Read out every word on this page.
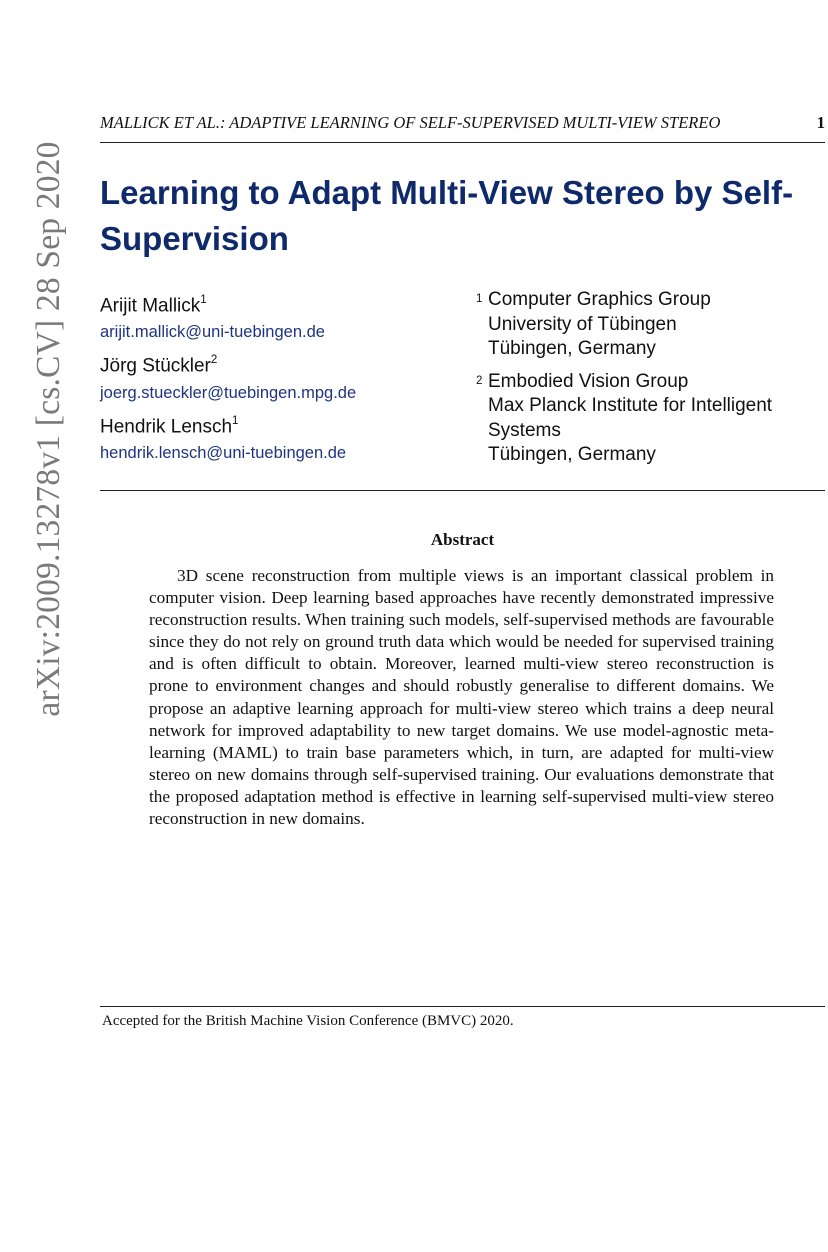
arXiv:2009.13278v1 [cs.CV] 28 Sep 2020
MALLICK ET AL.: ADAPTIVE LEARNING OF SELF-SUPERVISED MULTI-VIEW STEREO	1
Learning to Adapt Multi-View Stereo by Self-Supervision
Arijit Mallick$^1$
arijit.mallick@uni-tuebingen.de
Jörg Stückler$^2$
joerg.stueckler@tuebingen.mpg.de
Hendrik Lensch$^1$
hendrik.lensch@uni-tuebingen.de
$^1$ Computer Graphics Group
University of Tübingen
Tübingen, Germany
$^2$ Embodied Vision Group
Max Planck Institute for Intelligent
Systems
Tübingen, Germany
Abstract

3D scene reconstruction from multiple views is an important classical problem in computer vision. Deep learning based approaches have recently demonstrated impressive reconstruction results. When training such models, self-supervised methods are favourable since they do not rely on ground truth data which would be needed for supervised training and is often difficult to obtain. Moreover, learned multi-view stereo reconstruction is prone to environment changes and should robustly generalise to different domains. We propose an adaptive learning approach for multi-view stereo which trains a deep neural network for improved adaptability to new target domains. We use model-agnostic meta-learning (MAML) to train base parameters which, in turn, are adapted for multi-view stereo on new domains through self-supervised training. Our evaluations demonstrate that the proposed adaptation method is effective in learning self-supervised multi-view stereo reconstruction in new domains.

Accepted for the British Machine Vision Conference (BMVC) 2020.
